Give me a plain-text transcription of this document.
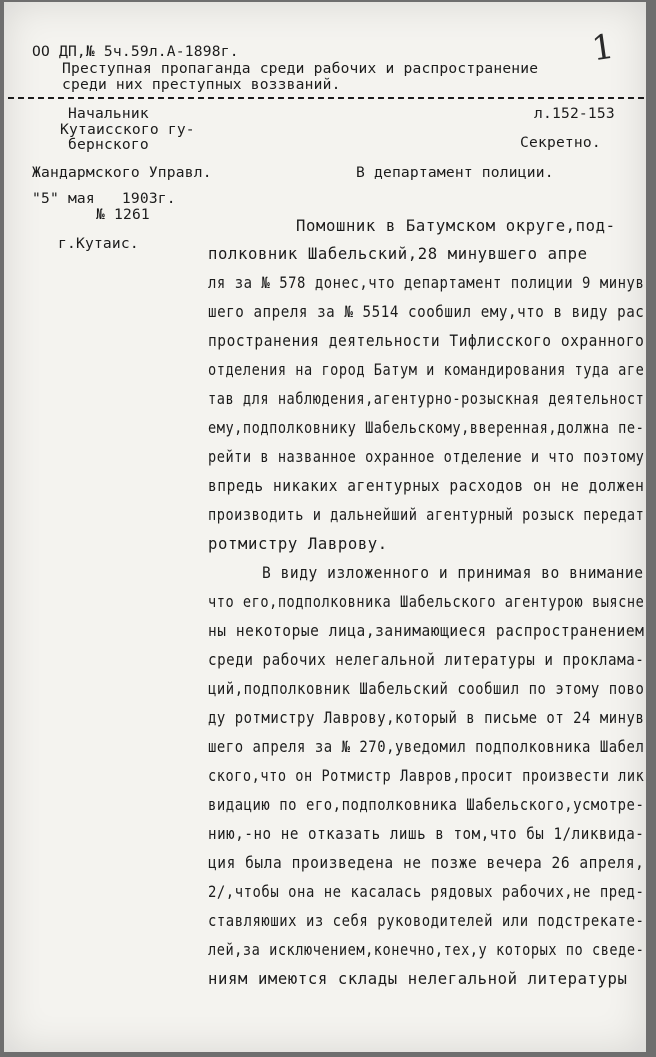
1
ОО ДП,№ 5ч.59л.А-1898г.
Преступная пропаганда среди рабочих и распространение
среди них преступных воззваний.
Начальник
Кутаисского гу-
бернского
л.152-153
Секретно.
Жандармского Управл.	В департамент полиции.
"5" мая   1903г.
№ 1261
г.Кутаис.
Помошник в Батумском округе,под-
полковник Шабельский,28 минувшего апре
ля за № 578 донес,что департамент полиции 9 минув
шего апреля за № 5514 сообшил ему,что в виду рас
пространения деятельности Тифлисского охранного
отделения на город Батум и командирования туда аге
тав для наблюдения,агентурно-розыскная деятельност
ему,подполковнику Шабельскому,вверенная,должна пе-
рейти в названное охранное отделение и что поэтому
впредь никаких агентурных расходов он не должен
производить и дальнейший агентурный розыск передат
ротмистру Лаврову.
В виду изложенного и принимая во внимание
что его,подполковника Шабельского агентурою выясне
ны некоторые лица,занимающиеся распространением
среди рабочих нелегальной литературы и проклама-
ций,подполковник Шабельский сообшил по этому пово
ду ротмистру Лаврову,который в письме от 24 минув
шего апреля за № 270,уведомил подполковника Шабел
ского,что он Ротмистр Лавров,просит произвести лик
видацию по его,подполковника Шабельского,усмотре-
нию,-но не отказать лишь в том,что бы 1/ликвида-
ция была произведена не позже вечера 26 апреля,
2/,чтобы она не касалась рядовых рабочих,не пред-
ставляюших из себя руководителей или подстрекате-
лей,за исключением,конечно,тех,у которых по сведе-
ниям имеются склады нелегальной литературы
